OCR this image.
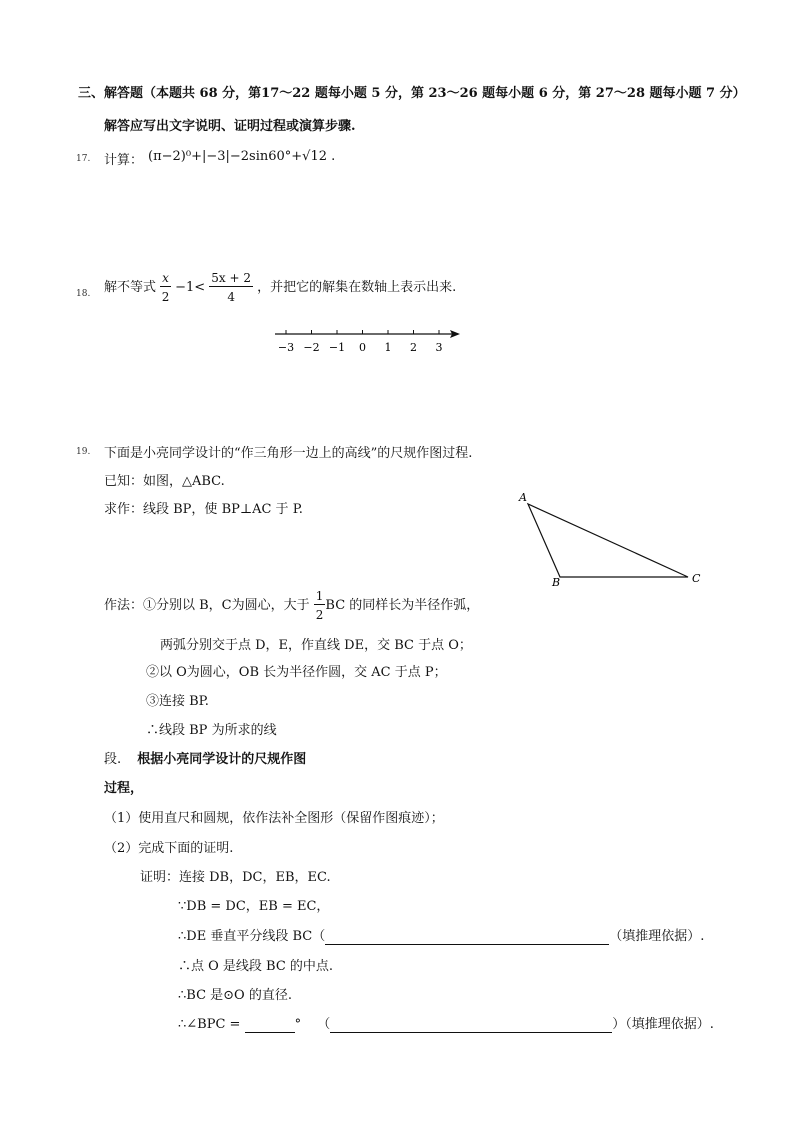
三、解答题（本题共 68 分，第17～22 题每小题 5 分，第 23～26 题每小题 6 分，第 27～28 题每小题 7 分）
解答应写出文字说明、证明过程或演算步骤.
17. 计算： (π−2)⁰+|−3|−2sin60°+√12 .
18. 解不等式 $\frac{x}{2} -1< \frac{5x + 2}{4}$ ，并把它的解集在数轴上表示出来.
−3 −2 −1 0 1 2 3
19. 下面是小亮同学设计的“作三角形一边上的高线”的尺规作图过程.
已知：如图，△ABC.
求作：线段 BP，使 BP⊥AC 于 P.
A
B	C
作法：①分别以 B，C为圆心，大于 $\frac{1}{2}$ BC 的同样长为半径作弧，
两弧分别交于点 D，E，作直线 DE，交 BC 于点 O；
②以 O为圆心，OB 长为半径作圆，交 AC 于点 P；
③连接 BP.
∴线段 BP 为所求的线
段. 根据小亮同学设计的尺规作图
过程，
（1）使用直尺和圆规，依作法补全图形（保留作图痕迹）；
（2）完成下面的证明.
证明：连接 DB，DC，EB，EC.
∵DB = DC，EB = EC，
∴DE 垂直平分线段 BC（	（填推理依据）.
∴点 O 是线段 BC 的中点.
∴BC 是⊙O 的直径.
∴∠BPC =	° （	）（填推理依据）.
